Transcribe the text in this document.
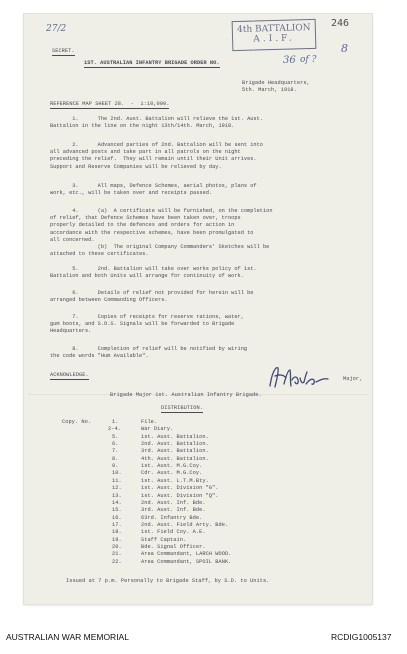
27/2	246
8
4th BATTALION
A.I.F.
SECRET.
1ST. AUSTRALIAN INFANTRY BRIGADE ORDER NO.	36 of ?
Brigade Headquarters,
5th. March, 1918.
REFERENCE MAP SHEET 28.  -  1:10,000.
1.      The 2nd. Aust. Battalion will relieve the 1st. Aust.
Battalion in the line on the night 13th/14th. March, 1918.
2.      Advanced parties of 2nd. Battalion will be sent into
all advanced posts and take part in all patrols on the night
preceding the relief.  They will remain until their Unit arrives.
Support and Reserve Companies will be relieved by day.
3.      All maps, Defence Schemes, aerial photos, plans of
work, etc., will be taken over and receipts passed.
4.      (a)  A certificate will be furnished, on the completion
of relief, that Defence Schemes have been taken over, troops
properly detailed to the defences and orders for action in
accordance with the respective schemes, have been promulgated to
all concerned.
(b)  The original Company Commanders' Sketches will be
attached to these certificates.
5.      2nd. Battalion will take over works policy of 1st.
Battalion and both Units will arrange for continuity of work.
6.      Details of relief not provided for herein will be
arranged between Commanding Officers.
7.      Copies of receipts for reserve rations, water,
gum boots, and S.O.S. Signals will be forwarded to Brigade
Headquarters.
8.      Completion of relief will be notified by wiring
the code words "Hum Available".
ACKNOWLEDGE.
Major,
Brigade Major 1st. Australian Infantry Brigade.
DISTRIBUTION.
Copy. No.	1.	File.
2-4.	War Diary.
5.	1st. Aust. Battalion.
6.	2nd. Aust. Battalion.
7.	3rd. Aust. Battalion.
8.	4th. Aust. Battalion.
9.	1st. Aust. M.G.Coy.
10.	Cdr. Aust. M.G.Coy.
11.	1st. Aust. L.T.M.Bty.
12.	1st. Aust. Division "G".
13.	1st. Aust. Division "Q".
14.	2nd. Aust. Inf. Bde.
15.	3rd. Aust. Inf. Bde.
16.	63rd. Infantry Bde.
17.	2nd. Aust. Field Arty. Bde.
18.	1st. Field Coy. A.E.
19.	Staff Captain.
20.	Bde. Signal Officer.
21.	Area Commandant, LARCH WOOD.
22.	Area Commandant, SPOIL BANK.
Issued at 7 p.m. Personally to Brigade Staff, by S.D. to Units.
AUSTRALIAN WAR MEMORIAL	RCDIG1005137
